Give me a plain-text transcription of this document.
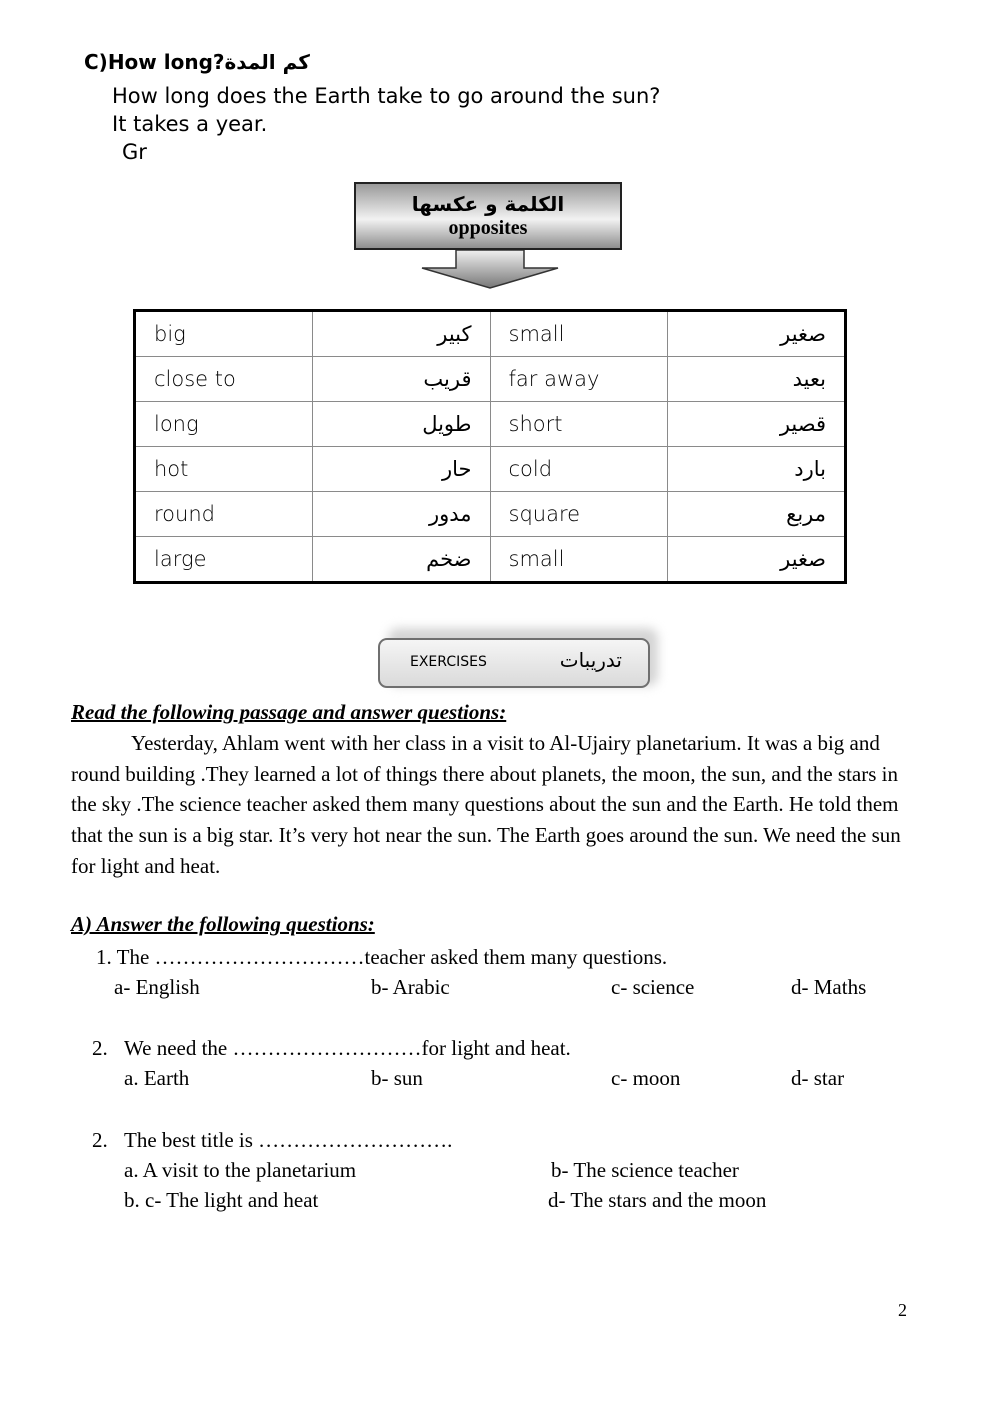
C)How long?كم المدة
How long does the Earth take to go around the sun?
It takes a year.
Gr
الكلمة و عكسها
opposites
big	كبير	small	صغير
close to	قريب	far away	بعيد
long	طويل	short	قصير
hot	حار	cold	بارد
round	مدور	square	مربع
large	ضخم	small	صغير
EXERCISES	تدريبات
Read the following passage and answer questions:
Yesterday, Ahlam went with her class in a visit to Al-Ujairy planetarium. It was a big and round building .They learned a lot of things there about planets, the moon, the sun, and the stars in the sky .The science teacher asked them many questions about the sun and the Earth. He told them that the sun is a big star. It’s very hot near the sun. The Earth goes around the sun. We need the sun for light and heat.
A) Answer the following questions:
1. The …………………………teacher asked them many questions.
a- English	b- Arabic	c- science	d- Maths
2. We need the ………………………for light and heat.
a. Earth	b- sun	c- moon	d- star
2. The best title is ……………………….
a. A visit to the planetarium	b- The science teacher
b. c- The light and heat	d- The stars and the moon
2
